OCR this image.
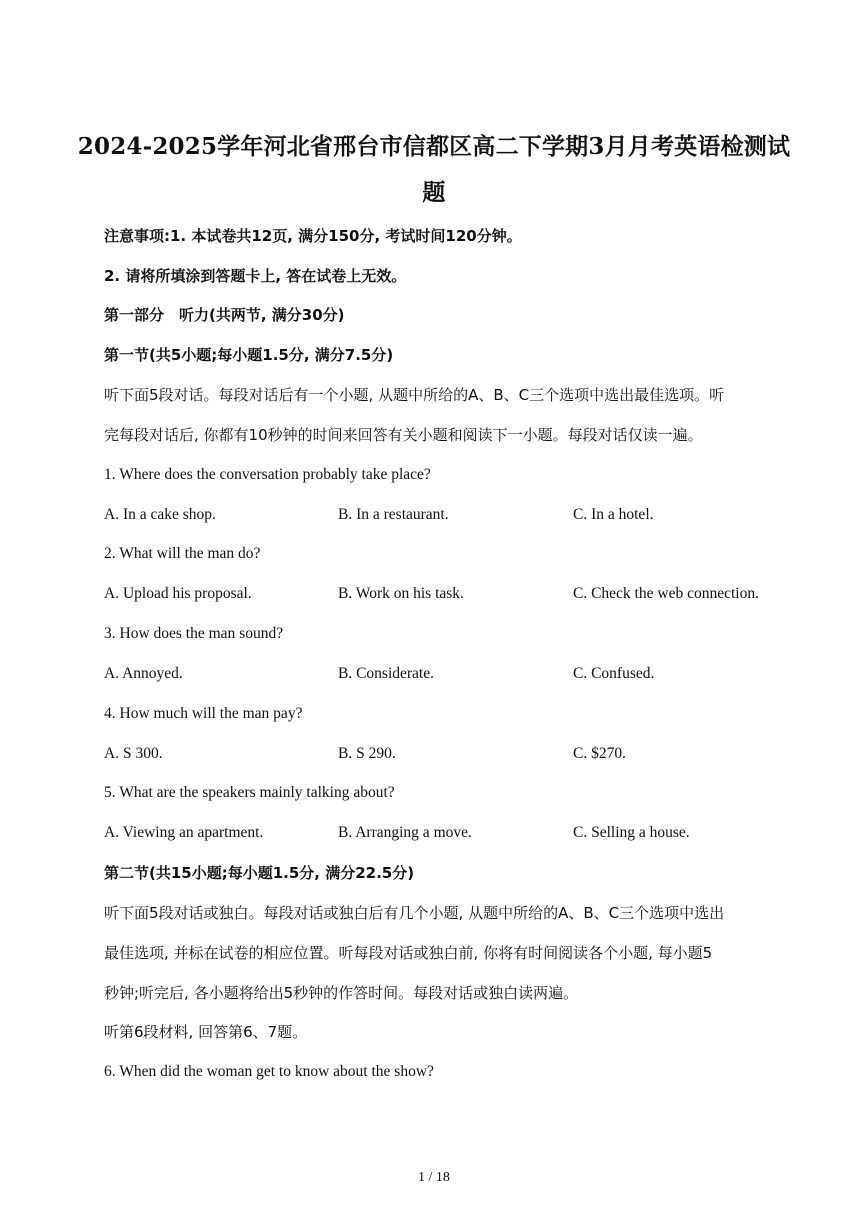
2024-2025学年河北省邢台市信都区高二下学期3月月考英语检测试
题
注意事项:1. 本试卷共12页, 满分150分, 考试时间120分钟。
2. 请将所填涂到答题卡上, 答在试卷上无效。
第一部分　听力(共两节, 满分30分)
第一节(共5小题;每小题1.5分, 满分7.5分)
听下面5段对话。每段对话后有一个小题, 从题中所给的A、B、C三个选项中选出最佳选项。听
完每段对话后, 你都有10秒钟的时间来回答有关小题和阅读下一小题。每段对话仅读一遍。
1. Where does the conversation probably take place?
A. In a cake shop.	B. In a restaurant.	C. In a hotel.
2. What will the man do?
A. Upload his proposal.	B. Work on his task.	C. Check the web connection.
3. How does the man sound?
A. Annoyed.	B. Considerate.	C. Confused.
4. How much will the man pay?
A. S 300.	B. S 290.	C. $270.
5. What are the speakers mainly talking about?
A. Viewing an apartment.	B. Arranging a move.	C. Selling a house.
第二节(共15小题;每小题1.5分, 满分22.5分)
听下面5段对话或独白。每段对话或独白后有几个小题, 从题中所给的A、B、C三个选项中选出
最佳选项, 并标在试卷的相应位置。听每段对话或独白前, 你将有时间阅读各个小题, 每小题5
秒钟;听完后, 各小题将给出5秒钟的作答时间。每段对话或独白读两遍。
听第6段材料, 回答第6、7题。
6. When did the woman get to know about the show?
1 / 18
